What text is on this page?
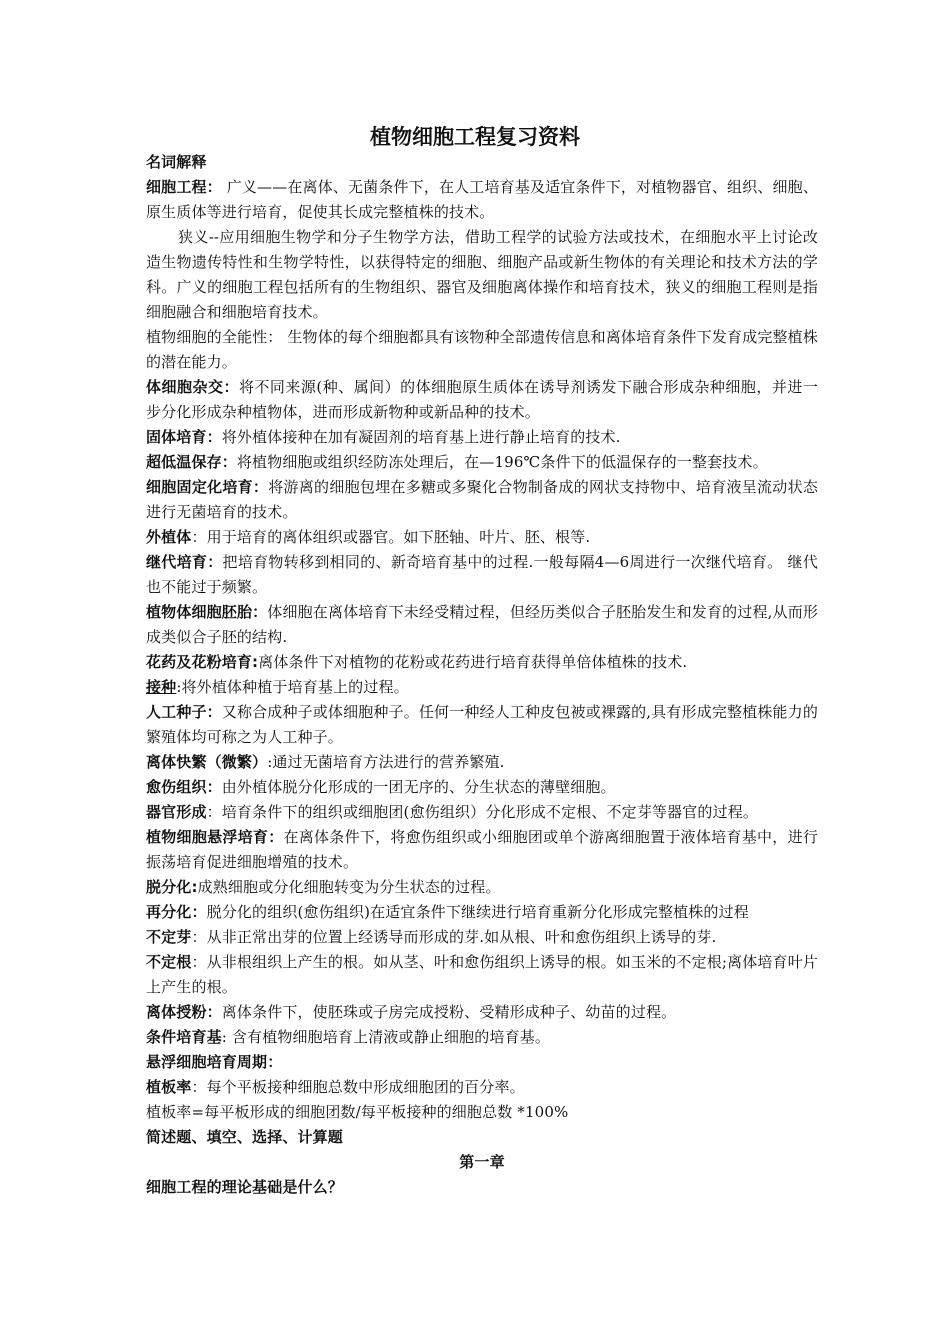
植物细胞工程复习资料

名词解释

细胞工程： 广义——在离体、无菌条件下，在人工培育基及适宜条件下，对植物器官、组织、细胞、原生质体等进行培育，促使其长成完整植株的技术。

狭义--应用细胞生物学和分子生物学方法，借助工程学的试验方法或技术，在细胞水平上讨论改造生物遗传特性和生物学特性，以获得特定的细胞、细胞产品或新生物体的有关理论和技术方法的学科。广义的细胞工程包括所有的生物组织、器官及细胞离体操作和培育技术，狭义的细胞工程则是指细胞融合和细胞培育技术。

植物细胞的全能性： 生物体的每个细胞都具有该物种全部遗传信息和离体培育条件下发育成完整植株的潜在能力。

体细胞杂交：将不同来源(种、属间）的体细胞原生质体在诱导剂诱发下融合形成杂种细胞，并进一步分化形成杂种植物体，进而形成新物种或新品种的技术。

固体培育：将外植体接种在加有凝固剂的培育基上进行静止培育的技术.

超低温保存：将植物细胞或组织经防冻处理后，在—196℃条件下的低温保存的一整套技术。

细胞固定化培育：将游离的细胞包埋在多糖或多聚化合物制备成的网状支持物中、培育液呈流动状态进行无菌培育的技术。

外植体：用于培育的离体组织或器官。如下胚轴、叶片、胚、根等.

继代培育：把培育物转移到相同的、新奇培育基中的过程.一般每隔4—6周进行一次继代培育。 继代也不能过于频繁。

植物体细胞胚胎：体细胞在离体培育下未经受精过程，但经历类似合子胚胎发生和发育的过程,从而形成类似合子胚的结构.

花药及花粉培育:离体条件下对植物的花粉或花药进行培育获得单倍体植株的技术.

接种:将外植体种植于培育基上的过程。

人工种子：又称合成种子或体细胞种子。任何一种经人工种皮包被或裸露的,具有形成完整植株能力的繁殖体均可称之为人工种子。

离体快繁（微繁）:通过无菌培育方法进行的营养繁殖.

愈伤组织：由外植体脱分化形成的一团无序的、分生状态的薄壁细胞。

器官形成：培育条件下的组织或细胞团(愈伤组织）分化形成不定根、不定芽等器官的过程。

植物细胞悬浮培育：在离体条件下，将愈伤组织或小细胞团或单个游离细胞置于液体培育基中，进行振荡培育促进细胞增殖的技术。

脱分化:成熟细胞或分化细胞转变为分生状态的过程。

再分化：脱分化的组织(愈伤组织)在适宜条件下继续进行培育重新分化形成完整植株的过程

不定芽：从非正常出芽的位置上经诱导而形成的芽.如从根、叶和愈伤组织上诱导的芽.

不定根：从非根组织上产生的根。如从茎、叶和愈伤组织上诱导的根。如玉米的不定根;离体培育叶片上产生的根。

离体授粉：离体条件下，使胚珠或子房完成授粉、受精形成种子、幼苗的过程。

条件培育基: 含有植物细胞培育上清液或静止细胞的培育基。

悬浮细胞培育周期：

植板率：每个平板接种细胞总数中形成细胞团的百分率。

植板率=每平板形成的细胞团数/每平板接种的细胞总数 *100%

简述题、填空、选择、计算题

第一章

细胞工程的理论基础是什么？
